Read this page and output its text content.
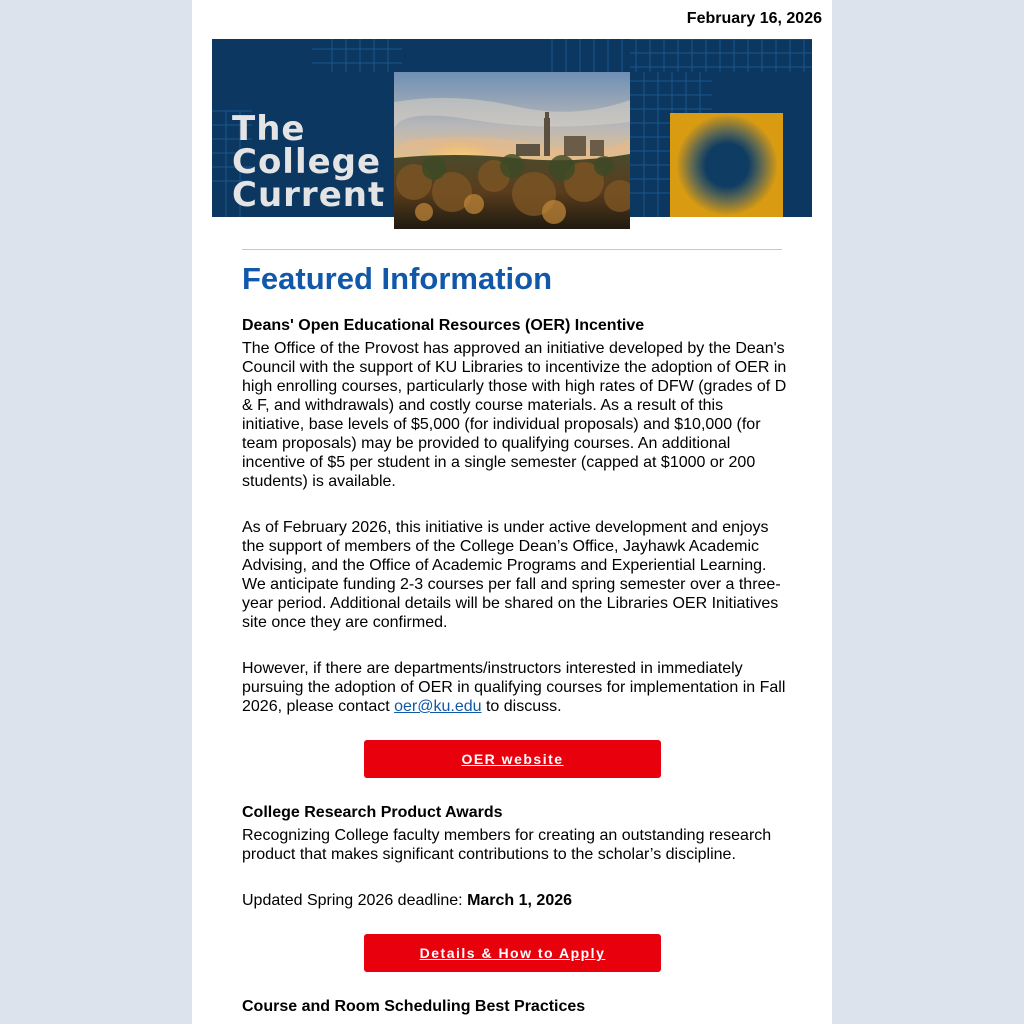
February 16, 2026
The
College
Current
Featured Information
Deans' Open Educational Resources (OER) Incentive

The Office of the Provost has approved an initiative developed by the Dean's Council with the support of KU Libraries to incentivize the adoption of OER in high enrolling courses, particularly those with high rates of DFW (grades of D & F, and withdrawals) and costly course materials. As a result of this initiative, base levels of $5,000 (for individual proposals) and $10,000 (for team proposals) may be provided to qualifying courses. An additional incentive of $5 per student in a single semester (capped at $1000 or 200 students) is available.

As of February 2026, this initiative is under active development and enjoys the support of members of the College Dean’s Office, Jayhawk Academic Advising, and the Office of Academic Programs and Experiential Learning. We anticipate funding 2-3 courses per fall and spring semester over a three-year period. Additional details will be shared on the Libraries OER Initiatives site once they are confirmed.

However, if there are departments/instructors interested in immediately pursuing the adoption of OER in qualifying courses for implementation in Fall 2026, please contact oer@ku.edu to discuss.

OER website
College Research Product Awards

Recognizing College faculty members for creating an outstanding research product that makes significant contributions to the scholar’s discipline.

Updated Spring 2026 deadline: March 1, 2026

Details & How to Apply
Course and Room Scheduling Best Practices
